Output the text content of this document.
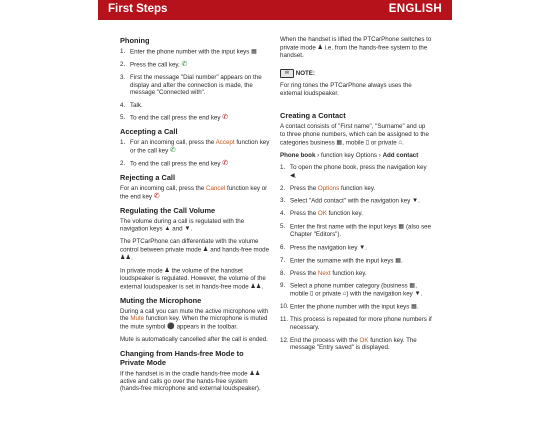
First Steps	ENGLISH
Phoning
1. Enter the phone number with the input keys ▦
2. Press the call key. ✆
3. First the message "Dial number" appears on the display and after the connection is made, the message "Connected with".
4. Talk.
5. To end the call press the end key ✆
Accepting a Call
1. For an incoming call, press the Accept function key or the call key ✆
2. To end the call press the end key ✆
Rejecting a Call

For an incoming call, press the Cancel function key or the end key ✆

Regulating the Call Volume

The volume during a call is regulated with the navigation keys ▲ and ▼.

The PTCarPhone can differentiate with the volume control between private mode ♟ and hands-free mode ♟♟.

In private mode ♟ the volume of the handset loudspeaker is regulated. However, the volume of the external loudspeaker is set in hands-free mode ♟♟.

Muting the Microphone

During a call you can mute the active microphone with the Mute function key. When the microphone is muted the mute symbol ⚫ appears in the toolbar.

Mute is automatically cancelled after the call is ended.

Changing from Hands-free Mode to Private Mode

If the handset is in the cradle hands-free mode ♟♟ active and calls go over the hands-free system (hands-free microphone and external loudspeaker).

When the handset is lifted the PTCarPhone switches to private mode ♟ i.e. from the hands-free system to the handset.

✉ NOTE:
For ring tones the PTCarPhone always uses the external loudspeaker.
Creating a Contact

A contact consists of "First name", "Surname" and up to three phone numbers, which can be assigned to the categories business ▦, mobile ▯ or private ⌂.

Phone book › function key Options › Add contact

1. To open the phone book, press the navigation key ◀.
2. Press the Options function key.
3. Select "Add contact" with the navigation key ▼.
4. Press the OK function key.
5. Enter the first name with the input keys ▦ (also see Chapter "Editors").
6. Press the navigation key ▼.
7. Enter the surname with the input keys ▦.
8. Press the Next function key.
9. Select a phone number category (business ▦, mobile ▯ or private ⌂) with the navigation key ▼.
10. Enter the phone number with the input keys ▦.
11. This process is repeated for more phone numbers if necessary.
12. End the process with the OK function key. The message "Entry saved" is displayed.
